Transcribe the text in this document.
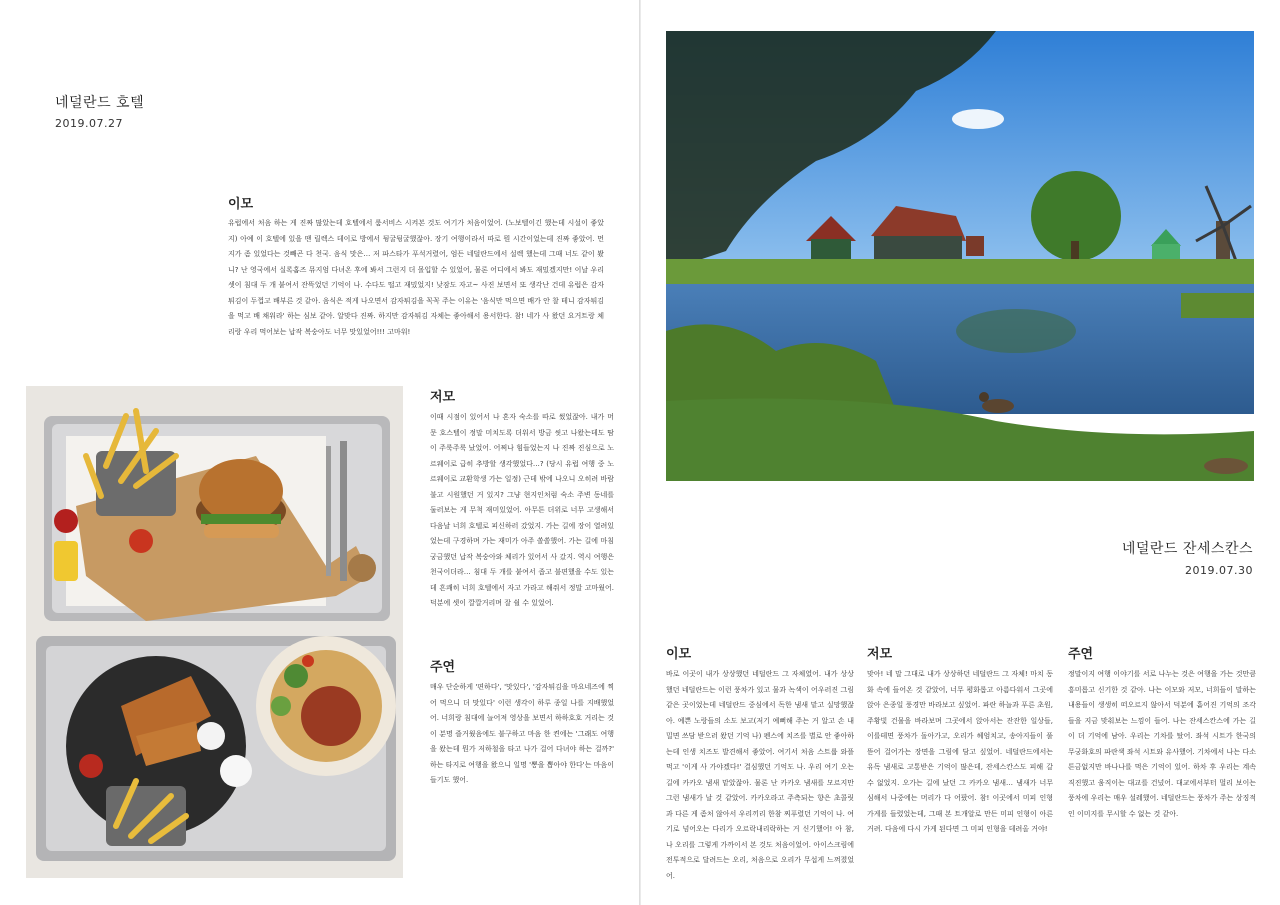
네덜란드 호텔
2019.07.27
이모

유럽에서 처음 하는 게 진짜 많았는데 호텔에서 룸서비스 시켜본 것도 여기가 처음이었어. (노보텔이긴 했는데 시설이 좋았지) 아예 이 호텔에 있을 땐 릴렉스 데이로 방에서 뒹굴뒹굴했잖아. 장기 여행이라서 따로 뭔 시간이었는데 진짜 좋았어. 먼지가 좀 있었다는 것빼곤 다 천국. 음식 맛은… 저 파스타가 푸석거렸어, 엄든 네덜란드에서 설렉 했는데 그때 너도 같이 봤니? 난 영국에서 실록홈즈 뮤지엄 다녀온 후에 봐서 그런지 더 몰입할 수 있었어, 물론 어디에서 봐도 재밌겠지만! 이날 우리 셋이 침대 두 개 붙여서 잔뜩었던 기억이 나. 수다도 떨고 재밌었지! 낮잠도 자고~ 사진 보면서 또 생각난 건데 유럽은 감자튀김이 두껍고 배부른 것 같아. 음식은 적게 나오면서 감자튀김을 꼭꼭 주는 이유는 '음식만 먹으면 배가 안 찰 테니 감자튀김을 먹고 배 채워라' 하는 심보 같아. 알맞다 진짜. 하지만 감자튀김 자체는 좋아해서 용서한다. 참! 네가 사 왔던 요거트랑 체리랑 우리 먹어보는 납작 복숭아도 너무 맛있었어!!! 고마워!

저모

이때 시점이 있어서 나 혼자 숙소를 따로 썼었잖아. 내가 머문 호스텔이 정말 미치도록 더워서 방금 씻고 나왔는데도 땀이 주룩주룩 났었어. 어쩌나 힘들었는지 나 진짜 진심으로 노르웨이로 급히 추방할 생각했었다…? (당시 유럽 여행 중 노르웨이로 교환학생 가는 일정) 근데 밖에 나오니 오히려 바람 불고 시원했던 거 있지? 그냥 현지인처럼 숙소 주변 동네를 둘러보는 게 무척 재미있었어. 아무튼 더위로 너무 고생해서 다음날 너희 호텔로 피신하러 갔었지. 가는 길에 장이 열려있었는데 구경하며 가는 재미가 아주 쏠쏠했어. 가는 길에 마침 궁금했던 납작 복숭아와 체리가 있어서 사 갔지. 역시 여행은 천국이더라… 침대 두 개를 붙여서 좁고 불편했을 수도 있는데 흔쾌히 너희 호텔에서 자고 가라고 해줘서 정말 고마웠어. 덕분에 셋이 깔깔거리며 잘 쉴 수 있었어.

주연

매우 단순하게 '편하다', '맛있다', '감자튀김을 마요네즈에 찍어 먹으니 더 맛있다' 이런 생각이 하루 종일 나를 지배했었어. 너희랑 침대에 늘어져 영상을 보면서 하하호호 거리는 것이 분명 즐거웠음에도 불구하고 마음 한 켠에는 '그래도 여행을 왔는데 뭔가 저하철을 타고 나가 걸어 다녀야 하는 걸까?' 하는 타지로 여행을 왔으니 일명 '뽕을 뽑아야 한다'는 마음이 들기도 했어.

네덜란드 잔세스칸스
2019.07.30
이모

바로 이곳이 내가 상상했던 네덜란드 그 자체였어. 내가 상상했던 네덜란드는 이런 풍차가 있고 물과 녹색이 어우러진 그림 같은 곳이었는데 네덜란드 중심에서 독한 냄새 맡고 실망했잖아. 예쁜 노랑들의 소도 보고(저기 예뻐해 주는 거 알고 손 내밀면 쓰담 받으러 왔던 기억 나) 펜스에 치즈를 별로 안 좋아하는데 인생 치즈도 발견해서 좋았어. 여기서 처음 스트룹 와플 먹고 '이게 사 가야겠다!' 결심했던 기억도 나. 우리 여기 오는 길에 카카오 냄새 맡았잖아. 물론 난 카카오 냄새를 모르지만 그런 냄새가 날 것 같았어. 카카오라고 주측되는 향은 초콜릿과 다른 게 좀처 않아서 우리끼리 한참 찌푸렸던 기억이 나. 여기로 넘어오는 다리가 오르락내리락하는 거 신기했어! 아 참, 나 오리를 그렇게 가까이서 본 것도 처음이었어. 아이스크림에 전투적으로 달려드는 오리, 처음으로 오리가 무섭게 느껴졌었어.

저모

맞아! 네 말 그대로 내가 상상하던 네덜란드 그 자체! 마치 동화 속에 들어온 것 같았어, 너무 평화롭고 아름다워서 그곳에 앉아 은종일 풍경만 바라보고 싶었어. 파란 하늘과 푸른 초원, 주황빛 건물을 바라보며 그곳에서 앉아서는 잔잔한 일상들, 이를테면 풍차가 돌아가고, 오리가 헤엄치고, 송아지들이 풀 뜯어 걸어가는 장면을 그림에 담고 싶었어. 네덜란드에서는 유독 냄새로 고통받은 기억이 많은데, 잔세스칸스도 피해 갈 수 없었지. 오가는 길에 났던 그 카카오 냄새… 냄새가 너무 심해서 나중에는 머리가 다 어팠어. 참! 이곳에서 미피 인형 가게를 들렸었는데, 그때 본 트개알로 만든 미피 인형이 아른거려. 다음에 다시 가게 된다면 그 미피 인형을 데려올 거야!

주연

정말이지 여행 이야기를 서로 나누는 것은 여행을 가는 것만큼 흥미롭고 신기한 것 같아. 나는 이모와 저모, 너희들이 말하는 내용들이 생생히 떠오르지 않아서 덕분에 흩어진 기억의 조각들을 지금 맞춰보는 느낌이 들어. 나는 잔세스칸스에 가는 길이 더 기억에 남아. 우리는 기차를 탔어. 좌석 시트가 한국의 무궁화호의 파란색 좌석 시트와 유사했어. 기차에서 나는 다소 튼금없지만 바나나를 먹은 기억이 있어. 하차 후 우리는 계속 직진했고 움직이는 대교를 건넜어. 대교에서부터 멀리 보이는 풍차에 우리는 매우 설레했어. 네덜란드는 풍차가 주는 상징적인 이미지를 무시할 수 없는 것 같아.
